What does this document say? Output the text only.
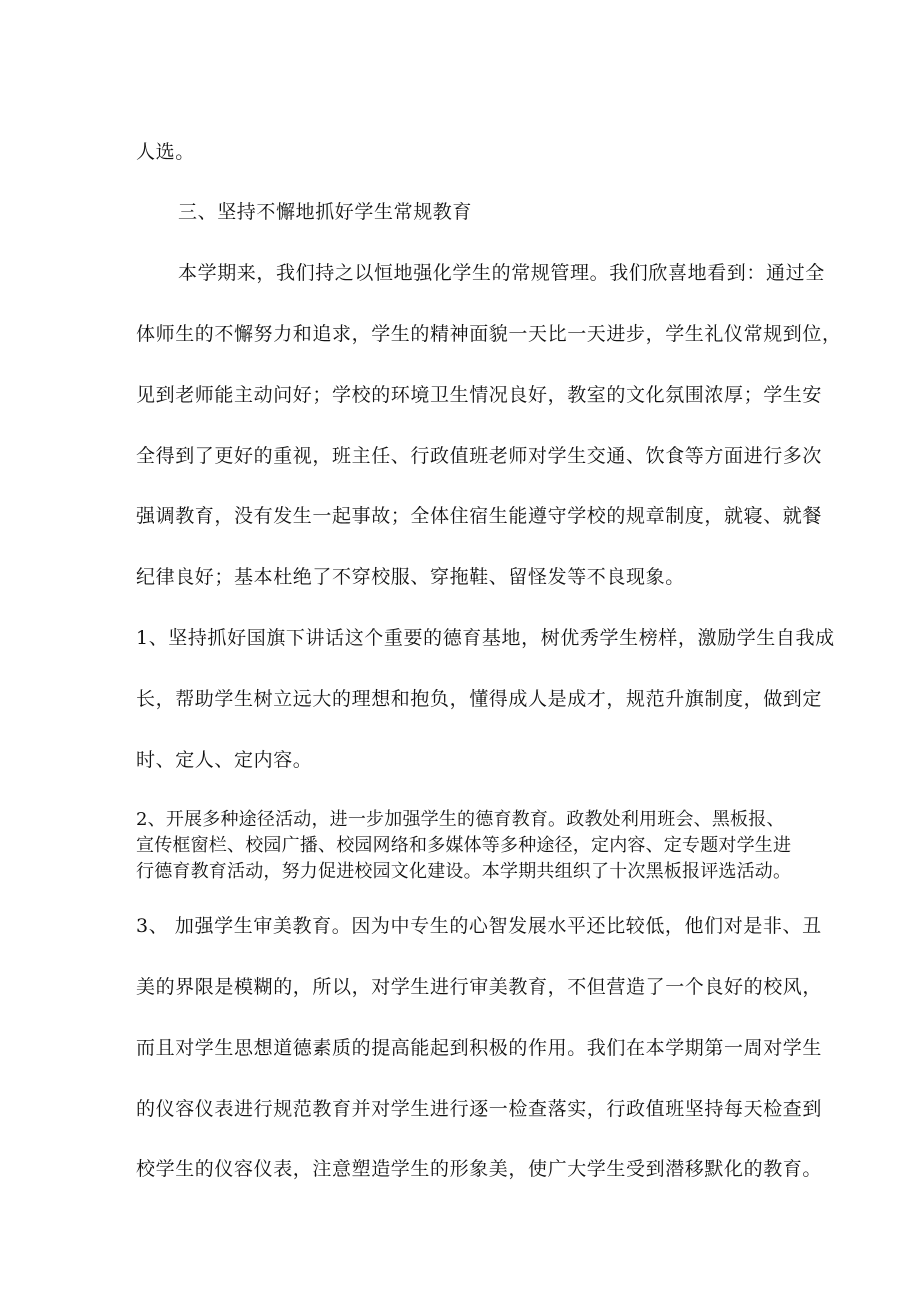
人选。
三、坚持不懈地抓好学生常规教育
本学期来，我们持之以恒地强化学生的常规管理。我们欣喜地看到：通过全
体师生的不懈努力和追求，学生的精神面貌一天比一天进步，学生礼仪常规到位，
见到老师能主动问好；学校的环境卫生情况良好，教室的文化氛围浓厚；学生安
全得到了更好的重视，班主任、行政值班老师对学生交通、饮食等方面进行多次
强调教育，没有发生一起事故；全体住宿生能遵守学校的规章制度，就寝、就餐
纪律良好；基本杜绝了不穿校服、穿拖鞋、留怪发等不良现象。
1、坚持抓好国旗下讲话这个重要的德育基地，树优秀学生榜样，激励学生自我成
长，帮助学生树立远大的理想和抱负，懂得成人是成才，规范升旗制度，做到定
时、定人、定内容。
2、开展多种途径活动，进一步加强学生的德育教育。政教处利用班会、黑板报、
宣传框窗栏、校园广播、校园网络和多媒体等多种途径，定内容、定专题对学生进
行德育教育活动，努力促进校园文化建设。本学期共组织了十次黑板报评选活动。
3、 加强学生审美教育。因为中专生的心智发展水平还比较低，他们对是非、丑
美的界限是模糊的，所以，对学生进行审美教育，不但营造了一个良好的校风，
而且对学生思想道德素质的提高能起到积极的作用。我们在本学期第一周对学生
的仪容仪表进行规范教育并对学生进行逐一检查落实，行政值班坚持每天检查到
校学生的仪容仪表，注意塑造学生的形象美，使广大学生受到潜移默化的教育。
